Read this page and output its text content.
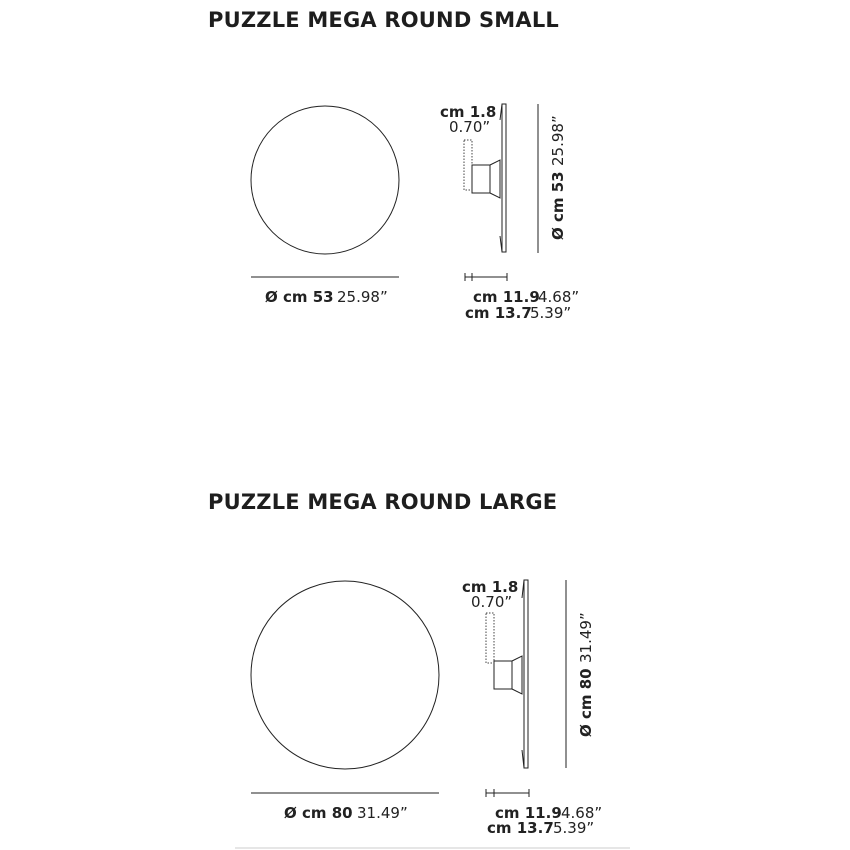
PUZZLE MEGA ROUND SMALL
PUZZLE MEGA ROUND LARGE
Ø cm 53 25.98”
cm 1.8
0.70”
Ø cm 53
25.98”
cm 11.9
4.68”
cm 13.7
5.39”
Ø cm 80 31.49”
cm 1.8
0.70”
Ø cm 80
31.49”
cm 11.9 4.68”
cm 13.7 5.39”
